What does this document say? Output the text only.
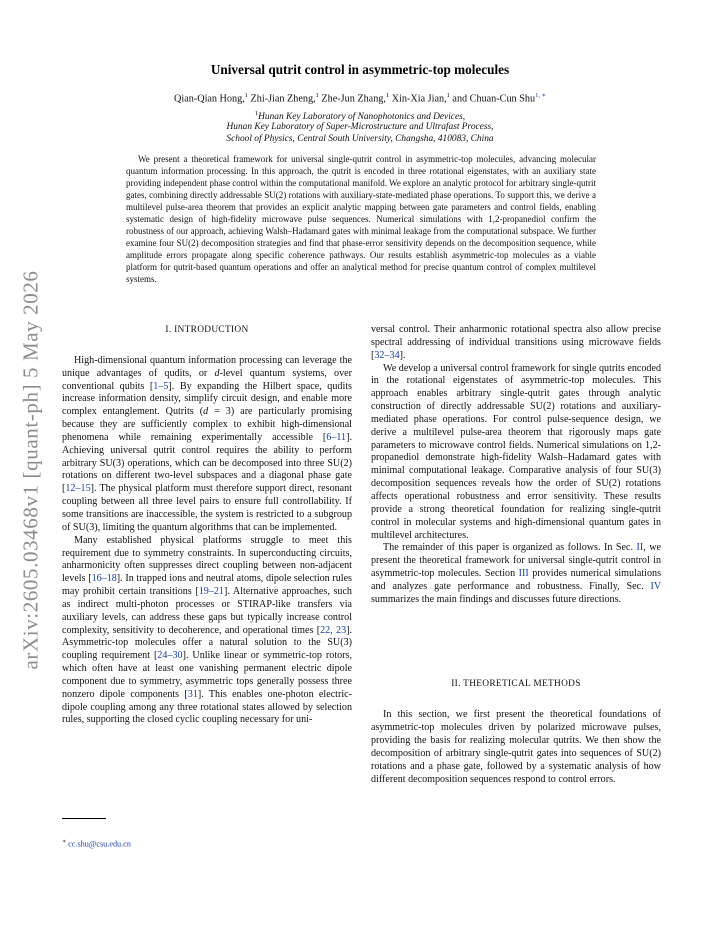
arXiv:2605.03468v1 [quant-ph] 5 May 2026
Universal qutrit control in asymmetric-top molecules
Qian-Qian Hong,$^1$ Zhi-Jian Zheng,$^1$ Zhe-Jun Zhang,$^1$ Xin-Xia Jian,$^1$ and Chuan-Cun Shu$^{1, ∗}$
$^1$Hunan Key Laboratory of Nanophotonics and Devices,
Hunan Key Laboratory of Super-Microstructure and Ultrafast Process,
School of Physics, Central South University, Changsha, 410083, China

We present a theoretical framework for universal single-qutrit control in asymmetric-top molecules, advancing molecular quantum information processing. In this approach, the qutrit is encoded in three rotational eigenstates, with an auxiliary state providing independent phase control within the computational manifold. We explore an analytic protocol for arbitrary single-qutrit gates, combining directly addressable SU(2) rotations with auxiliary-state-mediated phase operations. To support this, we derive a multilevel pulse-area theorem that provides an explicit analytic mapping between gate parameters and control fields, enabling systematic design of high-fidelity microwave pulse sequences. Numerical simulations with 1,2-propanediol confirm the robustness of our approach, achieving Walsh–Hadamard gates with minimal leakage from the computational subspace. We further examine four SU(2) decomposition strategies and find that phase-error sensitivity depends on the decomposition sequence, while amplitude errors propagate along specific coherence pathways. Our results establish asymmetric-top molecules as a viable platform for qutrit-based quantum operations and offer an analytical method for precise quantum control of complex multilevel systems.

I. INTRODUCTION

High-dimensional quantum information processing can leverage the unique advantages of qudits, or d-level quantum systems, over conventional qubits [1–5]. By expanding the Hilbert space, qudits increase information density, simplify circuit design, and enable more complex entanglement. Qutrits (d = 3) are particularly promising because they are sufficiently complex to exhibit high-dimensional phenomena while remaining experimentally accessible [6–11]. Achieving universal qutrit control requires the ability to perform arbitrary SU(3) operations, which can be decomposed into three SU(2) rotations on different two-level subspaces and a diagonal phase gate [12–15]. The physical platform must therefore support direct, resonant coupling between all three level pairs to ensure full controllability. If some transitions are inaccessible, the system is restricted to a subgroup of SU(3), limiting the quantum algorithms that can be implemented.

Many established physical platforms struggle to meet this requirement due to symmetry constraints. In superconducting circuits, anharmonicity often suppresses direct coupling between non-adjacent levels [16–18]. In trapped ions and neutral atoms, dipole selection rules may prohibit certain transitions [19–21]. Alternative approaches, such as indirect multi-photon processes or STIRAP-like transfers via auxiliary levels, can address these gaps but typically increase control complexity, sensitivity to decoherence, and operational times [22, 23]. Asymmetric-top molecules offer a natural solution to the SU(3) coupling requirement [24–30]. Unlike linear or symmetric-top rotors, which often have at least one vanishing permanent electric dipole component due to symmetry, asymmetric tops generally possess three nonzero dipole components [31]. This enables one-photon electric-dipole coupling among any three rotational states allowed by selection rules, supporting the closed cyclic coupling necessary for uni-

versal control. Their anharmonic rotational spectra also allow precise spectral addressing of individual transitions using microwave fields [32–34].

We develop a universal control framework for single qutrits encoded in the rotational eigenstates of asymmetric-top molecules. This approach enables arbitrary single-qutrit gates through analytic construction of directly addressable SU(2) rotations and auxiliary-mediated phase operations. For control pulse-sequence design, we derive a multilevel pulse-area theorem that rigorously maps gate parameters to microwave control fields. Numerical simulations on 1,2-propanediol demonstrate high-fidelity Walsh–Hadamard gates with minimal computational leakage. Comparative analysis of four SU(3) decomposition sequences reveals how the order of SU(2) rotations affects operational robustness and error sensitivity. These results provide a strong theoretical foundation for realizing single-qutrit control in molecular systems and high-dimensional quantum gates in multilevel architectures.

The remainder of this paper is organized as follows. In Sec. II, we present the theoretical framework for universal single-qutrit control in asymmetric-top molecules. Section III provides numerical simulations and analyzes gate performance and robustness. Finally, Sec. IV summarizes the main findings and discusses future directions.

II. THEORETICAL METHODS

In this section, we first present the theoretical foundations of asymmetric-top molecules driven by polarized microwave pulses, providing the basis for realizing molecular qutrits. We then show the decomposition of arbitrary single-qutrit gates into sequences of SU(2) rotations and a phase gate, followed by a systematic analysis of how different decomposition sequences respond to control errors.

∗ cc.shu@csu.edu.cn
